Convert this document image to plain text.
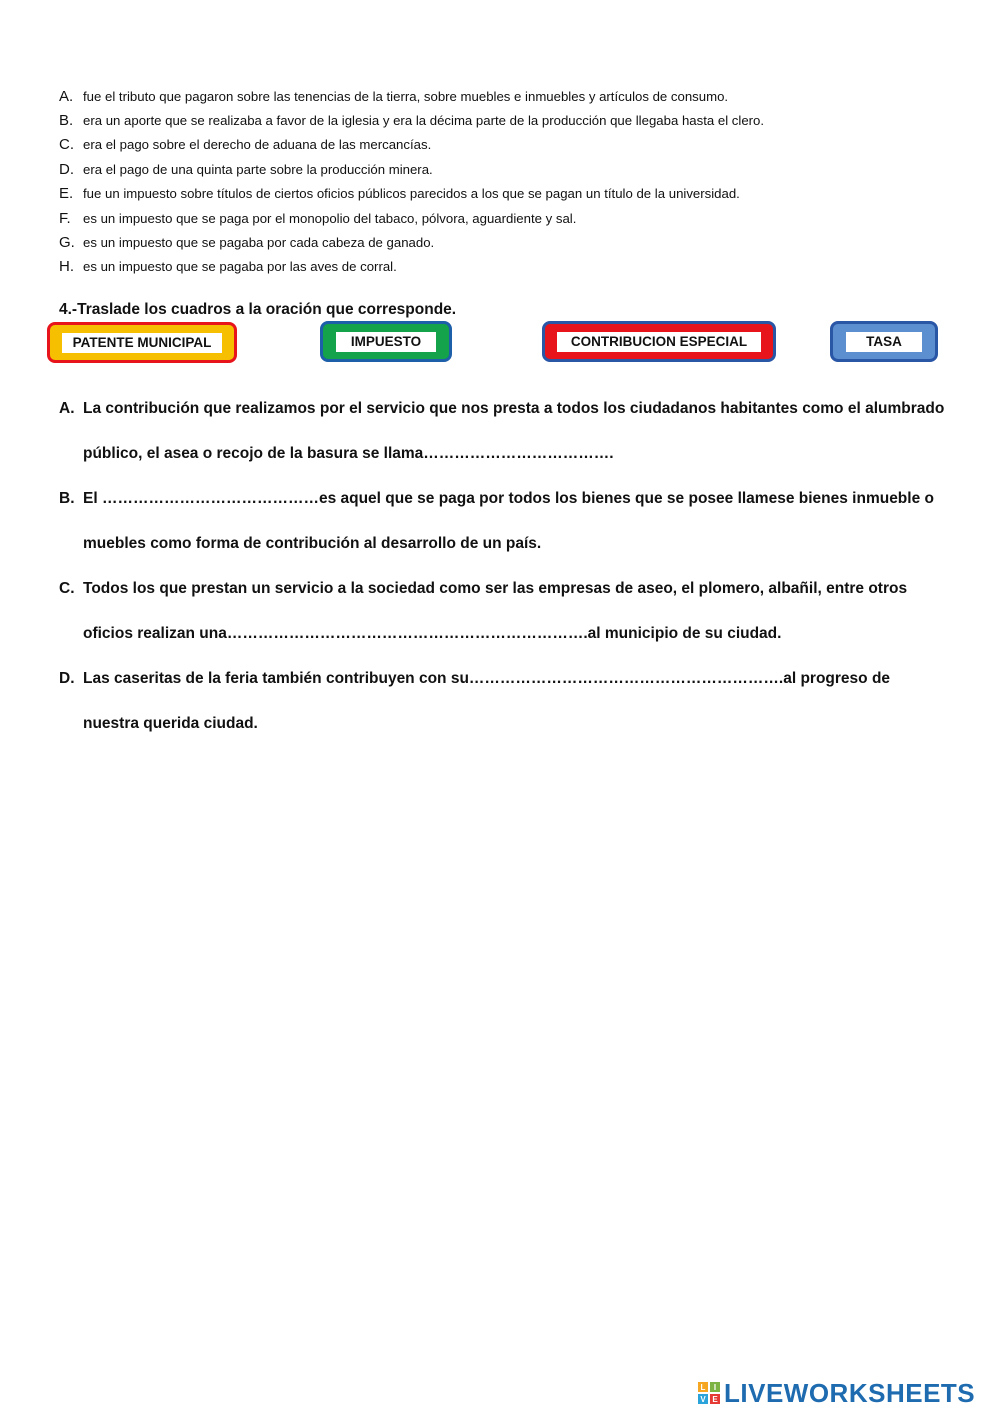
A. fue el tributo que pagaron sobre las tenencias de la tierra, sobre muebles e inmuebles y artículos de consumo.
B. era un aporte que se realizaba a favor de la iglesia y era la décima parte de la producción que llegaba hasta el clero.
C. era el pago sobre el derecho de aduana de las mercancías.
D. era el pago de una quinta parte sobre la producción minera.
E. fue un impuesto sobre títulos de ciertos oficios públicos parecidos a los que se pagan un título de la universidad.
F. es un impuesto que se paga por el monopolio del tabaco, pólvora, aguardiente y sal.
G. es un impuesto que se pagaba por cada cabeza de ganado.
H. es un impuesto que se pagaba por las aves de corral.

4.-Traslade los cuadros a la oración que corresponde.

PATENTE MUNICIPAL	IMPUESTO	CONTRIBUCION ESPECIAL	TASA
A. La contribución que realizamos por el servicio que nos presta a todos los ciudadanos habitantes como el alumbrado público, el asea o recojo de la basura se llama……………………………….
B. El ……………………………………es aquel que se paga por todos los bienes que se posee llamese bienes inmueble o muebles como forma de contribución al desarrollo de un país.
C. Todos los que prestan un servicio a la sociedad como ser las empresas de aseo, el plomero, albañil, entre otros oficios realizan una…………………………………………………………….al municipio de su ciudad.
D. Las caseritas de la feria también contribuyen con su…………………………………………………….al progreso de nuestra querida ciudad.
L	I
V E LIVEWORKSHEETS
